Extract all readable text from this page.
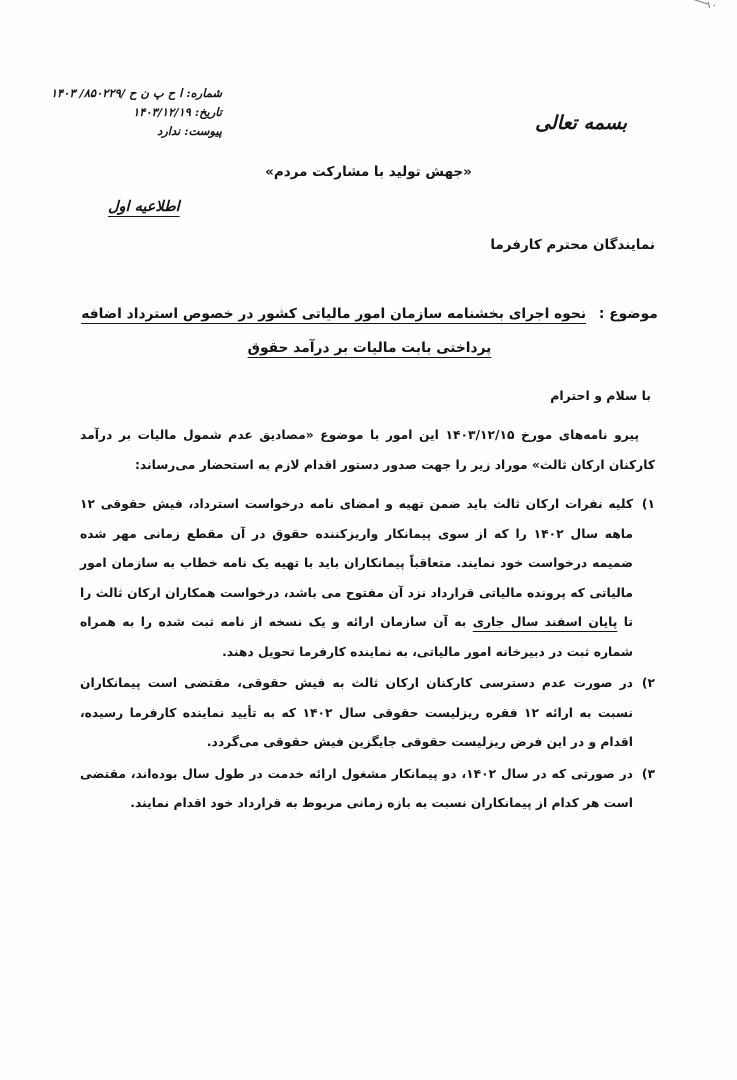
۱۰
شماره: ا ح پ ن ح /۸۵۰۲۲۹/ ۱۴۰۳
تاریخ: ۱۴۰۳/۱۲/۱۹
پیوست: ندارد	بسمه تعالی
«جهش تولید با مشارکت مردم»
اطلاعیه اول
نمایندگان محترم کارفرما
موضوع : نحوه اجرای بخشنامه سازمان امور مالیاتی کشور در خصوص استرداد اضافه پرداختی بابت مالیات بر درآمد حقوق
با سلام و احترام
پیرو نامه‌های مورخ ۱۴۰۳/۱۲/۱۵ این امور با موضوع «مصادیق عدم شمول مالیات بر درآمد کارکنان ارکان ثالث» موراد زیر را جهت صدور دستور اقدام لازم به استحضار می‌رساند:
۱)
کلیه نفرات ارکان ثالث باید ضمن تهیه و امضای نامه درخواست استرداد، فیش حقوقی ۱۲ ماهه سال ۱۴۰۲ را که از سوی پیمانکار واریزکننده حقوق در آن مقطع زمانی مهر شده ضمیمه درخواست خود نمایند. متعاقباً پیمانکاران باید با تهیه یک نامه خطاب به سازمان امور مالیاتی که پرونده مالیاتی قرارداد نزد آن مفتوح می باشد، درخواست همکاران ارکان ثالث را تا پایان اسفند سال جاری به آن سازمان ارائه و یک نسخه از نامه ثبت شده را به همراه شماره ثبت در دبیرخانه امور مالیاتی، به نماینده کارفرما تحویل دهند.
۲)
در صورت عدم دسترسی کارکنان ارکان ثالث به فیش حقوقی، مقتضی است پیمانکاران نسبت به ارائه ۱۲ فقره ریزلیست حقوقی سال ۱۴۰۲ که به تأیید نماینده کارفرما رسیده، اقدام و در این فرض ریزلیست حقوقی جایگزین فیش حقوقی می‌گردد.
۳)
در صورتی که در سال ۱۴۰۲، دو پیمانکار مشغول ارائه خدمت در طول سال بوده‌اند، مقتضی است هر کدام از پیمانکاران نسبت به بازه زمانی مربوط به قرارداد خود اقدام نمایند.
